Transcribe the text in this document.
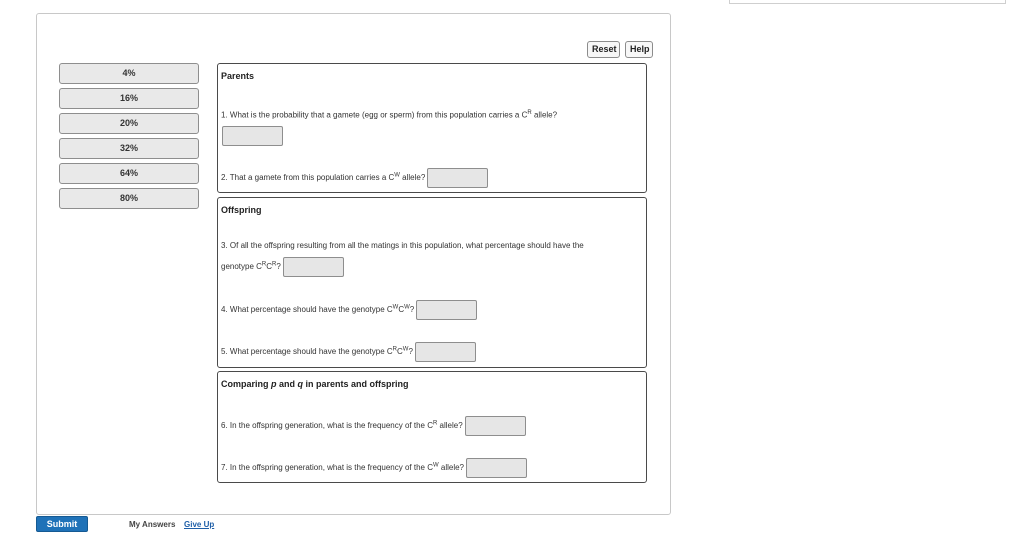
Reset	Help
4%
16%
20%
32%
64%
80%
Parents
1. What is the probability that a gamete (egg or sperm) from this population carries a $C^R$ allele?
2. That a gamete from this population carries a $C^W$ allele?
Offspring
3. Of all the offspring resulting from all the matings in this population, what percentage should have the
genotype $C^RC^R$?
4. What percentage should have the genotype $C^WC^W$?
5. What percentage should have the genotype $C^RC^W$?
Comparing p and q in parents and offspring
6. In the offspring generation, what is the frequency of the $C^R$ allele?
7. In the offspring generation, what is the frequency of the $C^W$ allele?
Submit	My Answers Give Up
